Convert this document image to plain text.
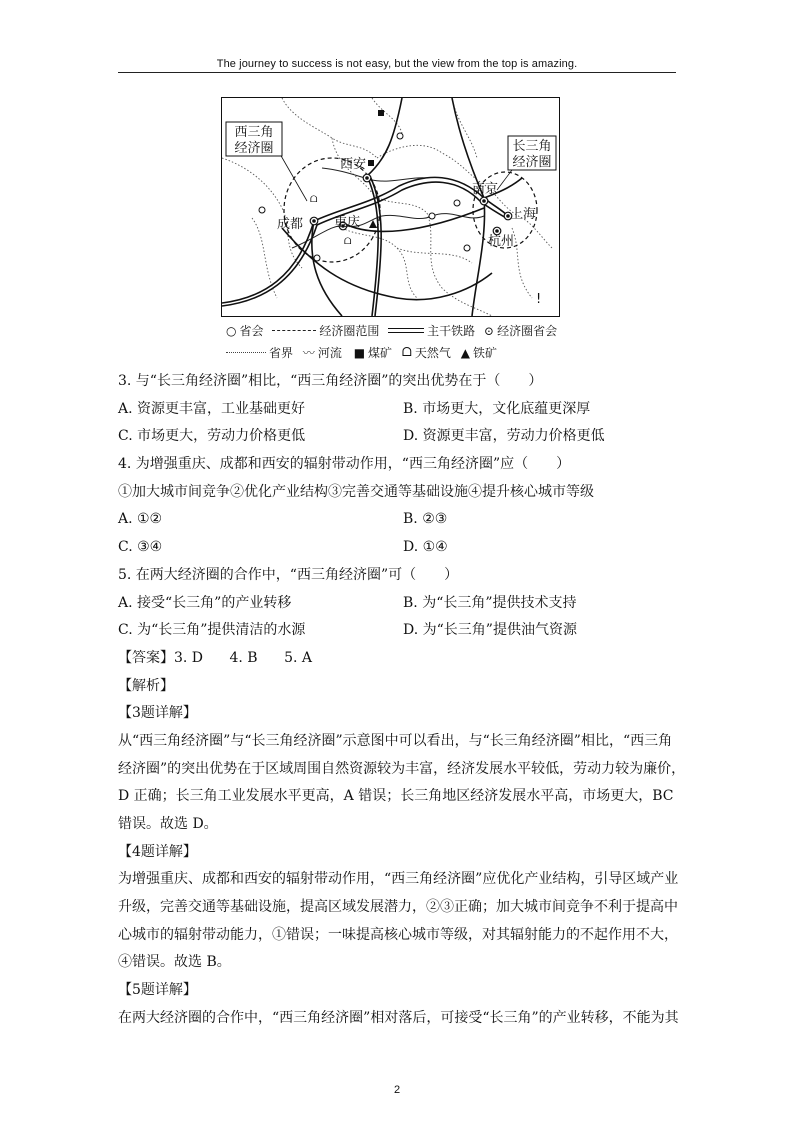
The journey to success is not easy, but the view from the top is amazing.
ᗝ
ᗝ
西三角
经济圈	长三角
经济圈
西安
成都 重庆
南京
上海
杭州
!
○ 省会	经济圈范围	主干铁路 ⊙ 经济圈省会
省界 〰 河流 ■ 煤矿 ᗝ 天然气 ▲ 铁矿
3. 与“长三角经济圈”相比，“西三角经济圈”的突出优势在于（　　）
A. 资源更丰富，工业基础更好	B. 市场更大，文化底蕴更深厚
C. 市场更大，劳动力价格更低	D. 资源更丰富，劳动力价格更低
4. 为增强重庆、成都和西安的辐射带动作用，“西三角经济圈”应（　　）
①加大城市间竞争②优化产业结构③完善交通等基础设施④提升核心城市等级
A. ①②	B. ②③
C. ③④	D. ①④
5. 在两大经济圈的合作中，“西三角经济圈”可（　　）
A. 接受“长三角”的产业转移	B. 为“长三角”提供技术支持
C. 为“长三角”提供清洁的水源	D. 为“长三角”提供油气资源
【答案】3. D 4. B 5. A
【解析】
【3题详解】
从“西三角经济圈”与“长三角经济圈”示意图中可以看出，与“长三角经济圈”相比，“西三角
经济圈”的突出优势在于区域周围自然资源较为丰富，经济发展水平较低，劳动力较为廉价，
D 正确；长三角工业发展水平更高，A 错误；长三角地区经济发展水平高，市场更大，BC
错误。故选 D。
【4题详解】
为增强重庆、成都和西安的辐射带动作用，“西三角经济圈”应优化产业结构，引导区域产业
升级，完善交通等基础设施，提高区域发展潜力，②③正确；加大城市间竞争不利于提高中
心城市的辐射带动能力，①错误；一味提高核心城市等级，对其辐射能力的不起作用不大，
④错误。故选 B。
【5题详解】
在两大经济圈的合作中，“西三角经济圈”相对落后，可接受“长三角”的产业转移，不能为其
2
